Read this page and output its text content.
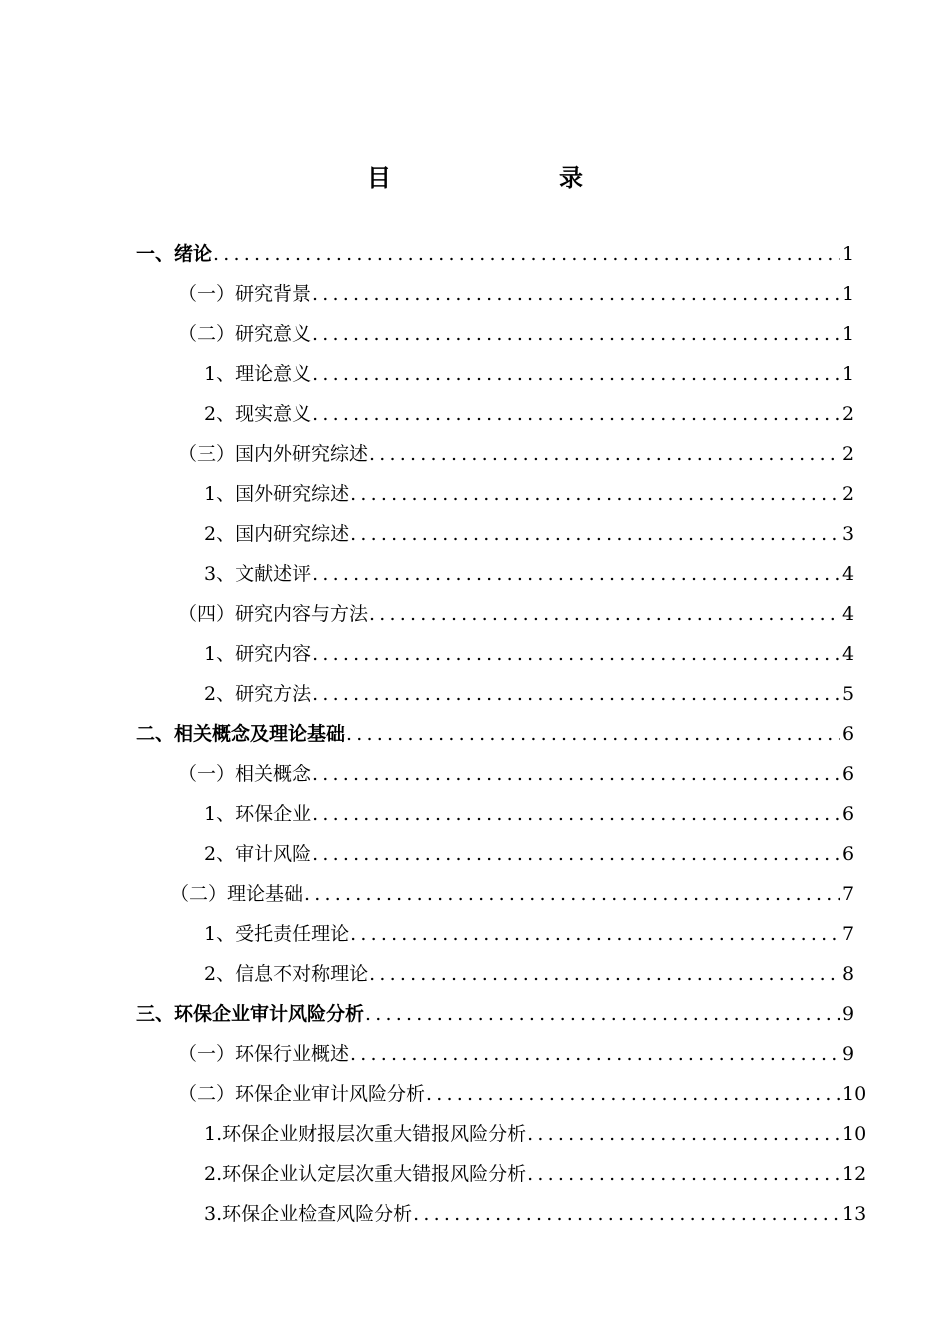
目　　录
一、 绪论 .....	1
（一） 研究背景 .....	1
（二） 研究意义 .....	1
1、 理论意义 .....	1
2、 现实意义 .....	2
（三） 国内外研究综述 .....	2
1、 国外研究综述 .....	2
2、 国内研究综述 .....	3
3、 文献述评 .....	4
（四） 研究内容与方法 .....	4
1、 研究内容 .....	4
2、 研究方法 .....	5
二、 相关概念及理论基础 .....	6
（一） 相关概念 .....	6
1、 环保企业 .....	6
2、 审计风险 .....	6
（二） 理论基础 .....	7
1、 受托责任理论 .....	7
2、 信息不对称理论 .....	8
三、 环保企业审计风险分析 .....	9
（一） 环保行业概述 .....	9
（二） 环保企业审计风险分析 .....	10
1. 环保企业财报层次重大错报风险分析 .....	10
2. 环保企业认定层次重大错报风险分析 .....	12
3. 环保企业检查风险分析 .....	13
